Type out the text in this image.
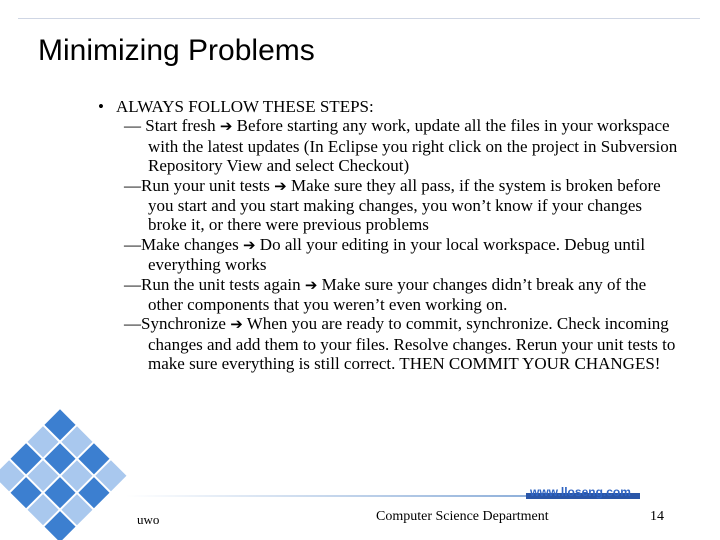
Minimizing Problems
• ALWAYS FOLLOW THESE STEPS:
— Start fresh ➔ Before starting any work, update all the files in your workspace with the latest updates (In Eclipse you right click on the project in Subversion Repository View and select Checkout)
—Run your unit tests ➔ Make sure they all pass, if the system is broken before you start and you start making changes, you won’t know if your changes broke it, or there were previous problems
—Make changes ➔ Do all your editing in your local workspace. Debug until everything works
—Run the unit tests again ➔ Make sure your changes didn’t break any of the other components that you weren’t even working on.
—Synchronize ➔ When you are ready to commit, synchronize. Check incoming changes and add them to your files. Resolve changes. Rerun your unit tests to make sure everything is still correct. THEN COMMIT YOUR CHANGES!
www.lloseng.com
uwo	Computer Science Department	14
